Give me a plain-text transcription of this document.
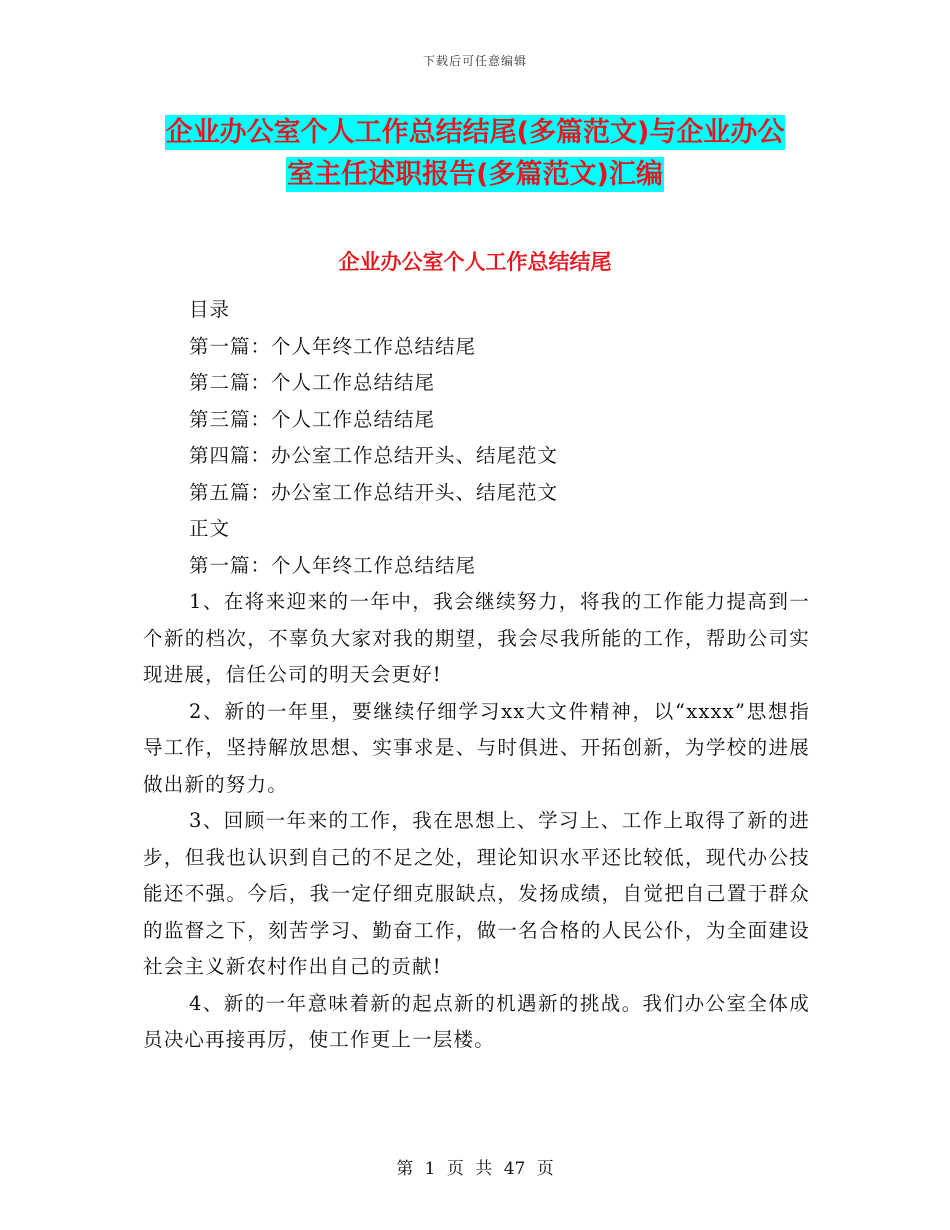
下载后可任意编辑
企业办公室个人工作总结结尾(多篇范文)与企业办公
室主任述职报告(多篇范文)汇编
企业办公室个人工作总结结尾

目录

第一篇：个人年终工作总结结尾

第二篇：个人工作总结结尾

第三篇：个人工作总结结尾

第四篇：办公室工作总结开头、结尾范文

第五篇：办公室工作总结开头、结尾范文

正文

第一篇：个人年终工作总结结尾

1、在将来迎来的一年中，我会继续努力，将我的工作能力提高到一个新的档次，不辜负大家对我的期望，我会尽我所能的工作，帮助公司实现进展，信任公司的明天会更好!

2、新的一年里，要继续仔细学习xx大文件精神，以“xxxx”思想指导工作，坚持解放思想、实事求是、与时俱进、开拓创新，为学校的进展做出新的努力。

3、回顾一年来的工作，我在思想上、学习上、工作上取得了新的进步，但我也认识到自己的不足之处，理论知识水平还比较低，现代办公技能还不强。今后，我一定仔细克服缺点，发扬成绩，自觉把自己置于群众的监督之下，刻苦学习、勤奋工作，做一名合格的人民公仆，为全面建设社会主义新农村作出自己的贡献!

4、新的一年意味着新的起点新的机遇新的挑战。我们办公室全体成员决心再接再厉，使工作更上一层楼。

第 1 页 共 47 页
